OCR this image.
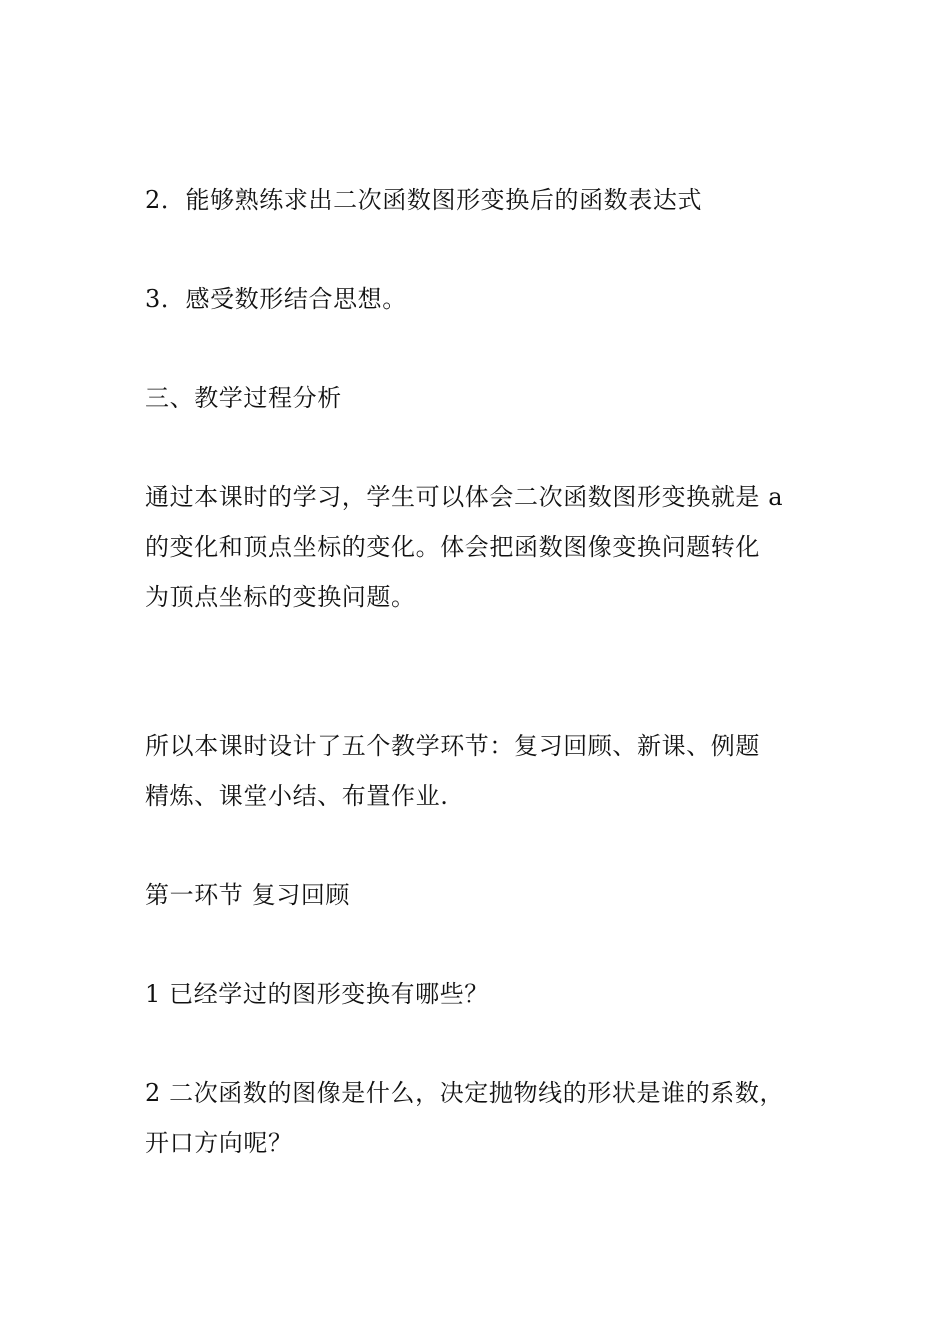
2．能够熟练求出二次函数图形变换后的函数表达式
3．感受数形结合思想。
三、教学过程分析
通过本课时的学习，学生可以体会二次函数图形变换就是 a
的变化和顶点坐标的变化。体会把函数图像变换问题转化
为顶点坐标的变换问题。
所以本课时设计了五个教学环节：复习回顾、新课、例题
精炼、课堂小结、布置作业.
第一环节 复习回顾
1 已经学过的图形变换有哪些？
2 二次函数的图像是什么，决定抛物线的形状是谁的系数，
开口方向呢？
